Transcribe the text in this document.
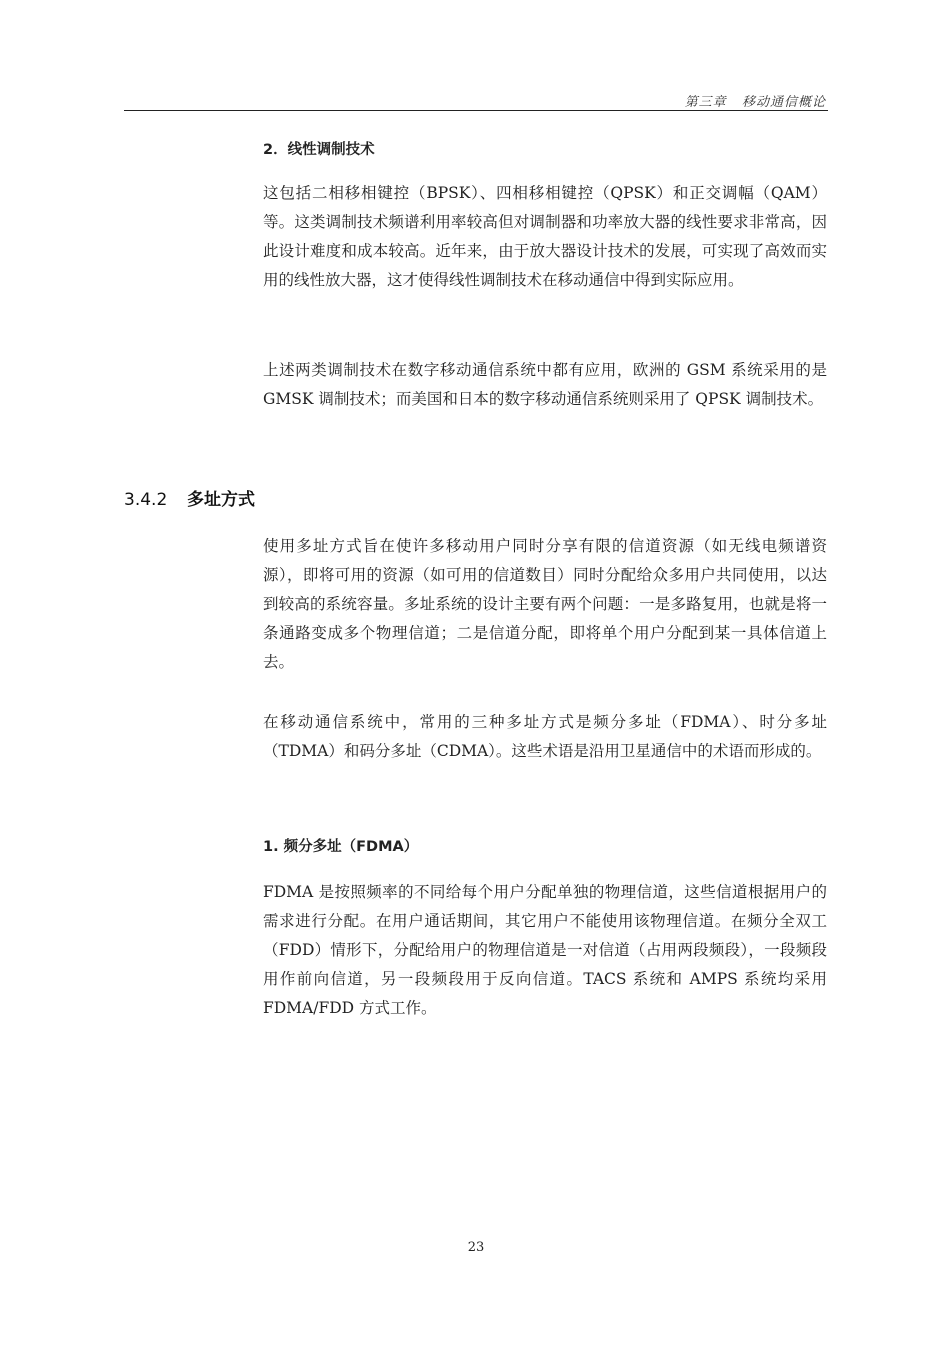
第三章   移动通信概论
2．线性调制技术

这包括二相移相键控（BPSK）、四相移相键控（QPSK）和正交调幅（QAM）等。这类调制技术频谱利用率较高但对调制器和功率放大器的线性要求非常高，因此设计难度和成本较高。近年来，由于放大器设计技术的发展，可实现了高效而实用的线性放大器，这才使得线性调制技术在移动通信中得到实际应用。

上述两类调制技术在数字移动通信系统中都有应用，欧洲的 GSM 系统采用的是 GMSK 调制技术；而美国和日本的数字移动通信系统则采用了 QPSK 调制技术。

3.4.2 多址方式

使用多址方式旨在使许多移动用户同时分享有限的信道资源（如无线电频谱资源），即将可用的资源（如可用的信道数目）同时分配给众多用户共同使用，以达到较高的系统容量。多址系统的设计主要有两个问题：一是多路复用，也就是将一条通路变成多个物理信道；二是信道分配，即将单个用户分配到某一具体信道上去。

在移动通信系统中，常用的三种多址方式是频分多址（FDMA）、时分多址（TDMA）和码分多址（CDMA）。这些术语是沿用卫星通信中的术语而形成的。

1. 频分多址（FDMA）

FDMA 是按照频率的不同给每个用户分配单独的物理信道，这些信道根据用户的需求进行分配。在用户通话期间，其它用户不能使用该物理信道。在频分全双工（FDD）情形下，分配给用户的物理信道是一对信道（占用两段频段），一段频段用作前向信道，另一段频段用于反向信道。TACS 系统和 AMPS 系统均采用 FDMA/FDD 方式工作。

23
